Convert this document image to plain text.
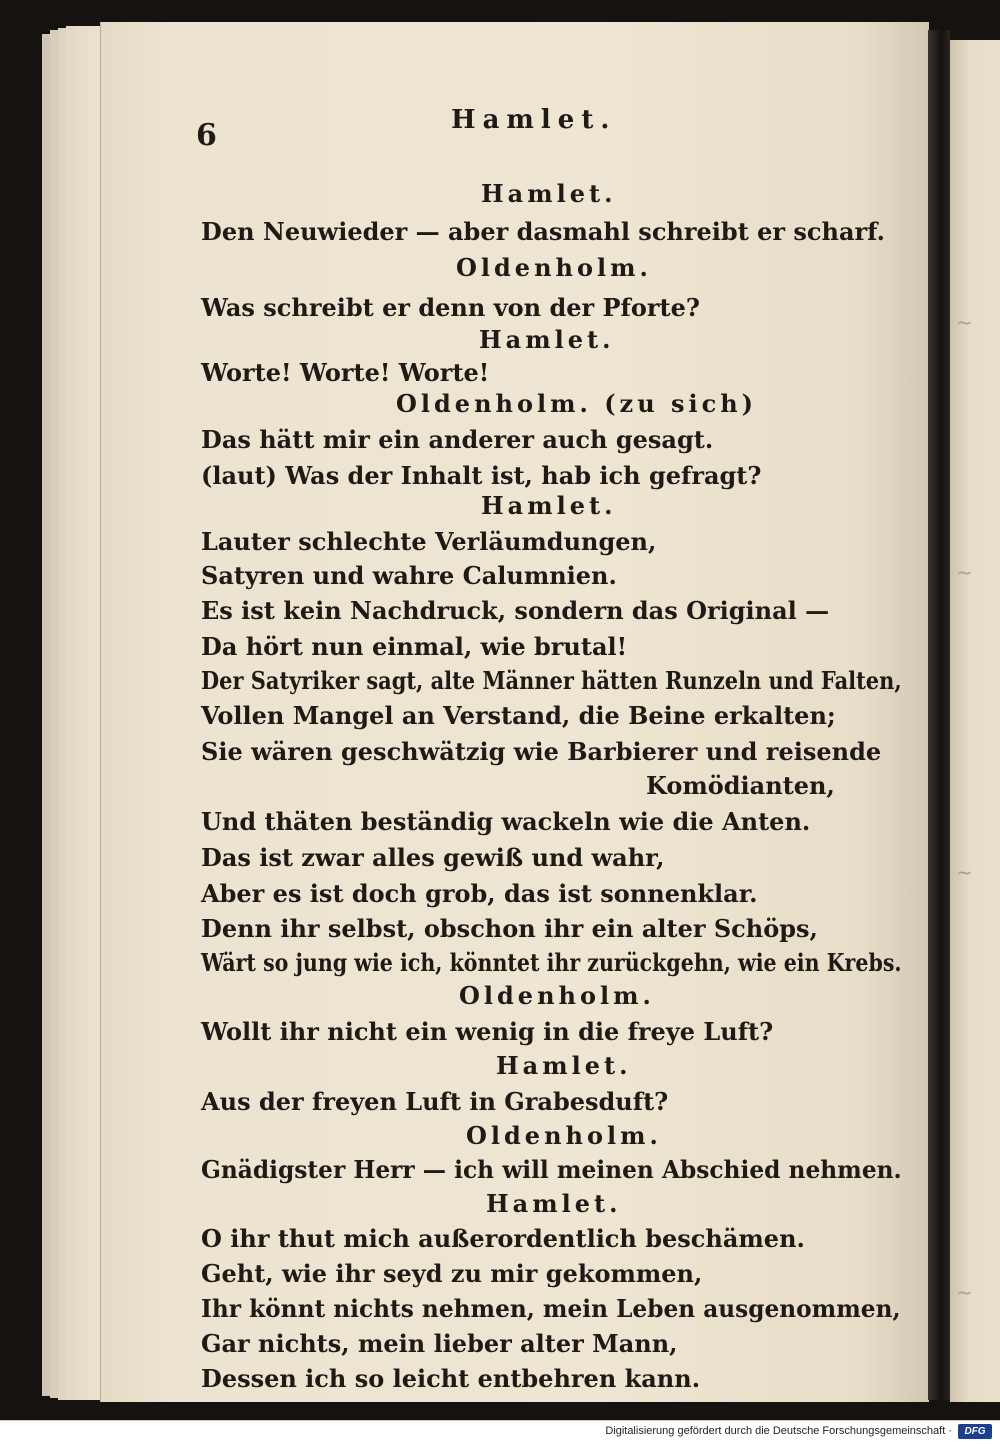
6	Hamlet.

Hamlet.

Den Neuwieder — aber dasmahl schreibt er scharf.

Oldenholm.

Was schreibt er denn von der Pforte?

Hamlet.

Worte! Worte! Worte!

Oldenholm. (zu sich)

Das hätt mir ein anderer auch gesagt.

(laut) Was der Inhalt ist, hab ich gefragt?

Hamlet.

Lauter schlechte Verläumdungen,

Satyren und wahre Calumnien.

Es ist kein Nachdruck, sondern das Original —

Da hört nun einmal, wie brutal!

Der Satyriker sagt, alte Männer hätten Runzeln und Falten,

Vollen Mangel an Verstand, die Beine erkalten;

Sie wären geschwätzig wie Barbierer und reisende

Komödianten,

Und thäten beständig wackeln wie die Anten.

Das ist zwar alles gewiß und wahr,

Aber es ist doch grob, das ist sonnenklar.

Denn ihr selbst, obschon ihr ein alter Schöps,

Wärt so jung wie ich, könntet ihr zurückgehn, wie ein Krebs.

Oldenholm.

Wollt ihr nicht ein wenig in die freye Luft?

Hamlet.

Aus der freyen Luft in Grabesduft?

Oldenholm.

Gnädigster Herr — ich will meinen Abschied nehmen.

Hamlet.

O ihr thut mich außerordentlich beschämen.

Geht, wie ihr seyd zu mir gekommen,

Ihr könnt nichts nehmen, mein Leben ausgenommen,

Gar nichts, mein lieber alter Mann,

Dessen ich so leicht entbehren kann.

~
~
~
~
Digitalisierung gefördert durch die Deutsche Forschungsgemeinschaft ·	DFG
